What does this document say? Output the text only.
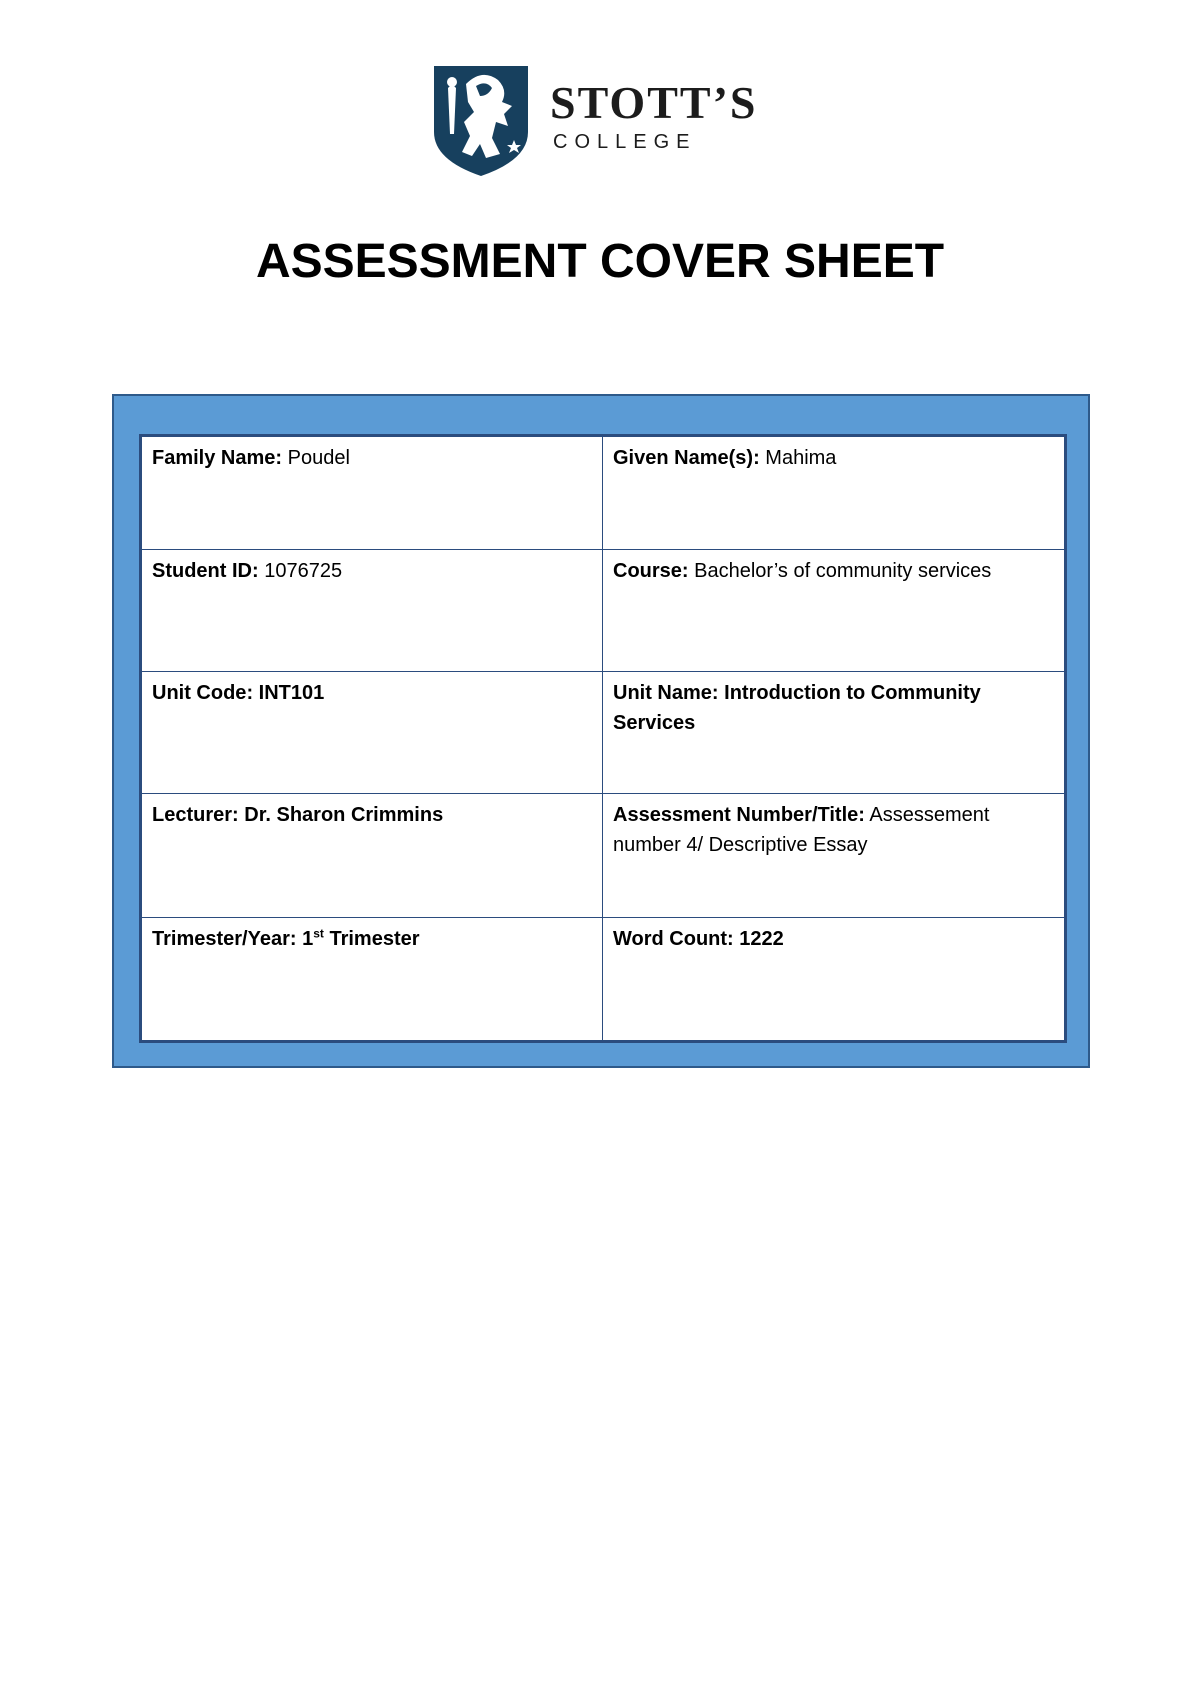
STOTT’S
COLLEGE
ASSESSMENT COVER SHEET
Family Name: Poudel	Given Name(s): Mahima
Student ID: 1076725	Course: Bachelor’s of community services
Unit Code: INT101	Unit Name: Introduction to Community Services
Lecturer: Dr. Sharon Crimmins	Assessment Number/Title: Assessement number 4/ Descriptive Essay
Trimester/Year: 1st Trimester	Word Count: 1222
